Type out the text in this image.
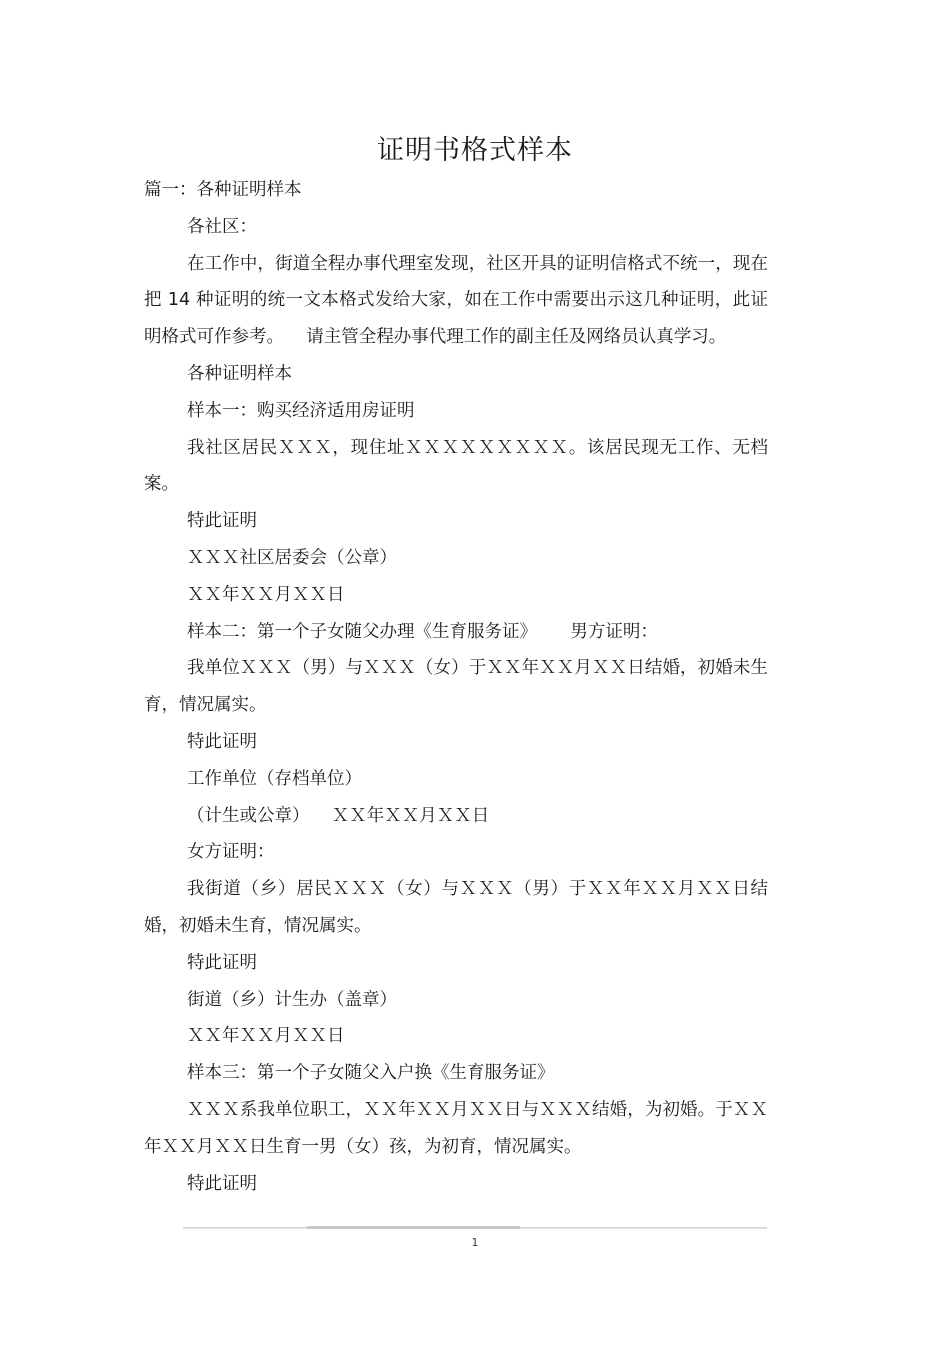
证明书格式样本

篇一：各种证明样本

各社区：

在工作中，街道全程办事代理室发现，社区开具的证明信格式不统一，现在把 14 种证明的统一文本格式发给大家，如在工作中需要出示这几种证明，此证明格式可作参考。    请主管全程办事代理工作的副主任及网络员认真学习。

各种证明样本

样本一：购买经济适用房证明

我社区居民ＸＸＸ，现住址ＸＸＸＸＸＸＸＸＸ。该居民现无工作、无档案。

特此证明

ＸＸＸ社区居委会（公章）

ＸＸ年ＸＸ月ＸＸ日

样本二：第一个子女随父办理《生育服务证》      男方证明：

我单位ＸＸＸ（男）与ＸＸＸ（女）于ＸＸ年ＸＸ月ＸＸ日结婚，初婚未生育，情况属实。

特此证明

工作单位（存档单位）

（计生或公章）    ＸＸ年ＸＸ月ＸＸ日

女方证明：

我街道（乡）居民ＸＸＸ（女）与ＸＸＸ（男）于ＸＸ年ＸＸ月ＸＸ日结婚，初婚未生育，情况属实。

特此证明

街道（乡）计生办（盖章）

ＸＸ年ＸＸ月ＸＸ日

样本三：第一个子女随父入户换《生育服务证》

ＸＸＸ系我单位职工，ＸＸ年ＸＸ月ＸＸ日与ＸＸＸ结婚，为初婚。于ＸＸ年ＸＸ月ＸＸ日生育一男（女）孩，为初育，情况属实。

特此证明

1
